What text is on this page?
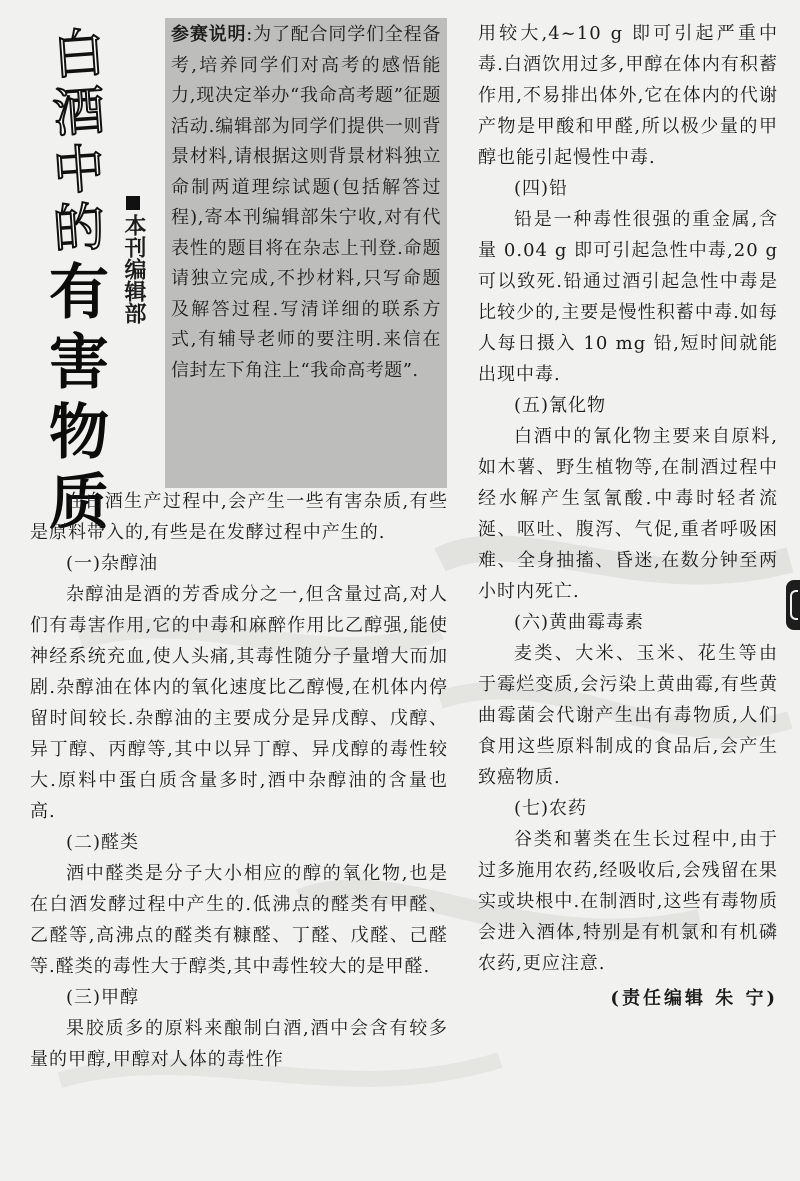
白
酒
中
的
有
害
物
质
本刊编辑部
参赛说明:为了配合同学们全程备考,培养同学们对高考的感悟能力,现决定举办“我命高考题”征题活动.编辑部为同学们提供一则背景材料,请根据这则背景材料独立命制两道理综试题(包括解答过程),寄本刊编辑部朱宁收,对有代表性的题目将在杂志上刊登.命题请独立完成,不抄材料,只写命题及解答过程.写清详细的联系方式,有辅导老师的要注明.来信在信封左下角注上“我命高考题”.

在白酒生产过程中,会产生一些有害杂质,有些是原料带入的,有些是在发酵过程中产生的.

(一)杂醇油

杂醇油是酒的芳香成分之一,但含量过高,对人们有毒害作用,它的中毒和麻醉作用比乙醇强,能使神经系统充血,使人头痛,其毒性随分子量增大而加剧.杂醇油在体内的氧化速度比乙醇慢,在机体内停留时间较长.杂醇油的主要成分是异戊醇、戊醇、异丁醇、丙醇等,其中以异丁醇、异戊醇的毒性较大.原料中蛋白质含量多时,酒中杂醇油的含量也高.

(二)醛类

酒中醛类是分子大小相应的醇的氧化物,也是在白酒发酵过程中产生的.低沸点的醛类有甲醛、乙醛等,高沸点的醛类有糠醛、丁醛、戊醛、己醛等.醛类的毒性大于醇类,其中毒性较大的是甲醛.

(三)甲醇

果胶质多的原料来酿制白酒,酒中会含有较多量的甲醇,甲醇对人体的毒性作

用较大,4~10 g 即可引起严重中毒.白酒饮用过多,甲醇在体内有积蓄作用,不易排出体外,它在体内的代谢产物是甲酸和甲醛,所以极少量的甲醇也能引起慢性中毒.
(四)铅

铅是一种毒性很强的重金属,含量 0.04 g 即可引起急性中毒,20 g 可以致死.铅通过酒引起急性中毒是比较少的,主要是慢性积蓄中毒.如每人每日摄入 10 mg 铅,短时间就能出现中毒.

(五)氰化物

白酒中的氰化物主要来自原料,如木薯、野生植物等,在制酒过程中经水解产生氢氰酸.中毒时轻者流涎、呕吐、腹泻、气促,重者呼吸困难、全身抽搐、昏迷,在数分钟至两小时内死亡.

(六)黄曲霉毒素

麦类、大米、玉米、花生等由于霉烂变质,会污染上黄曲霉,有些黄曲霉菌会代谢产生出有毒物质,人们食用这些原料制成的食品后,会产生致癌物质.

(七)农药

谷类和薯类在生长过程中,由于过多施用农药,经吸收后,会残留在果实或块根中.在制酒时,这些有毒物质会进入酒体,特别是有机氯和有机磷农药,更应注意.

(责任编辑 朱 宁)
